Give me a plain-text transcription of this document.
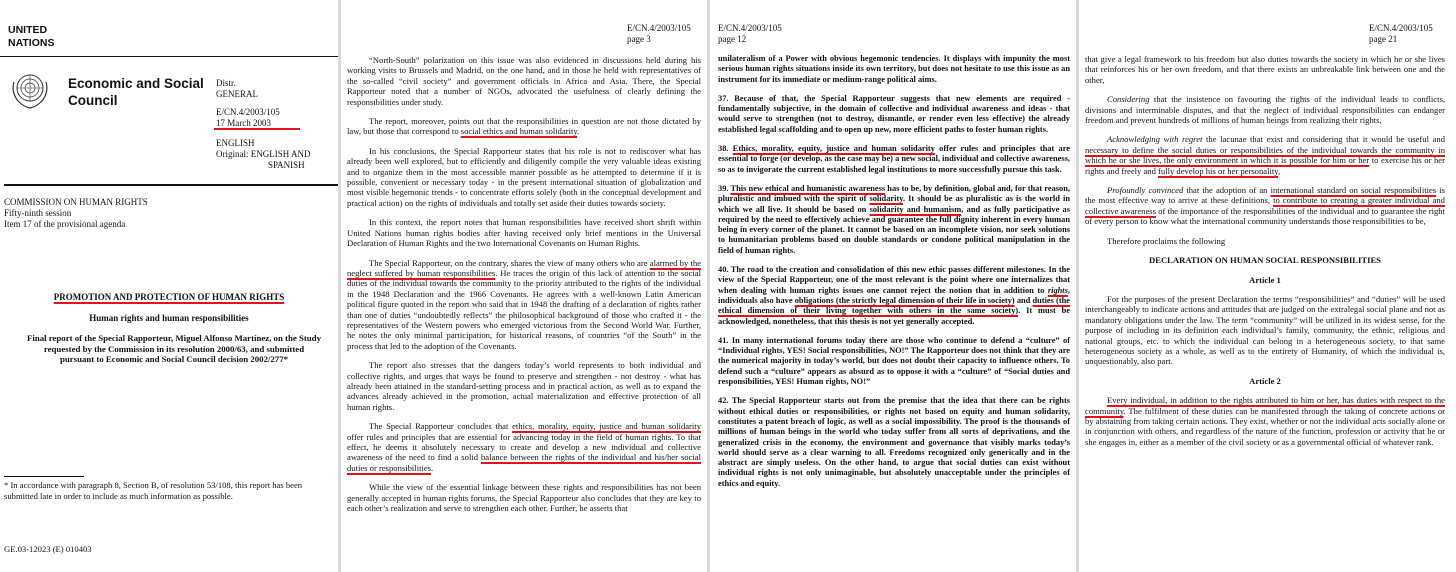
UNITED
NATIONS
Economic and Social
Council
Distr.
GENERAL
E/CN.4/2003/105
17 March 2003
ENGLISH
Original: ENGLISH AND
SPANISH
COMMISSION ON HUMAN RIGHTS
Fifty-ninth session
Item 17 of the provisional agenda
PROMOTION AND PROTECTION OF HUMAN RIGHTS
Human rights and human responsibilities
Final report of the Special Rapporteur, Miguel Alfonso Martínez, on the Study requested by the Commission in its resolution 2000/63, and submitted pursuant to Economic and Social Council decision 2002/277*
* In accordance with paragraph 8, Section B, of resolution 53/108, this report has been submitted late in order to include as much information as possible.
GE.03-12023 (E) 010403
E/CN.4/2003/105
page 3

“North-South” polarization on this issue was also evidenced in discussions held during his working visits to Brussels and Madrid, on the one hand, and in those he held with representatives of the so-called “civil society” and government officials in Africa and Asia. There, the Special Rapporteur noted that a number of NGOs, advocated the usefulness of clearly defining the responsibilities under study.

The report, moreover, points out that the responsibilities in question are not those dictated by law, but those that correspond to social ethics and human solidarity.

In his conclusions, the Special Rapporteur states that his role is not to rediscover what has already been well explored, but to efficiently and diligently compile the very valuable ideas existing and to organize them in the most accessible manner possible as he attempted to determine if it is possible, convenient or necessary today - in the present international situation of globalization and most visible hegemonic trends - to concentrate efforts solely (both in the conceptual development and practical action) on the rights of individuals and totally set aside their duties towards society.

In this context, the report notes that human responsibilities have received short shrift within United Nations human rights bodies after having received only brief mentions in the Universal Declaration of Human Rights and the two International Covenants on Human Rights.

The Special Rapporteur, on the contrary, shares the view of many others who are alarmed by the neglect suffered by human responsibilities. He traces the origin of this lack of attention to the social duties of the individual towards the community to the priority attributed to the rights of the individual in the 1948 Declaration and the 1966 Covenants. He agrees with a well-known Latin American political figure quoted in the report who said that in 1948 the drafting of a declaration of rights rather than one of duties “undoubtedly reflects” the philosophical background of those who crafted it - the representatives of the Western powers who emerged victorious from the Second World War. Further, he notes the only minimal participation, for historical reasons, of countries “of the South” in the process that led to the adoption of the Covenants.

The report also stresses that the dangers today’s world represents to both individual and collective rights, and urges that ways be found to preserve and strengthen - not destroy - what has already been attained in the standard-setting process and in practical action, as well as to expand the advances already achieved in the promotion, actual materialization and effective protection of all human rights.

The Special Rapporteur concludes that ethics, morality, equity, justice and human solidarity offer rules and principles that are essential for advancing today in the field of human rights. To that effect, he deems it absolutely necessary to create and develop a new individual and collective awareness of the need to find a solid balance between the rights of the individual and his/her social duties or responsibilities.

While the view of the essential linkage between these rights and responsibilities has not been generally accepted in human rights forums, the Special Rapporteur also concludes that they are key to each other’s realization and serve to strengthen each other. Further, he asserts that

E/CN.4/2003/105
page 12

unilateralism of a Power with obvious hegemonic tendencies. It displays with impunity the most serious human rights situations inside its own territory, but does not hesitate to use this issue as an instrument for its immediate or medium-range political aims.

37. Because of that, the Special Rapporteur suggests that new elements are required - fundamentally subjective, in the domain of collective and individual awareness and ideas - that would serve to strengthen (not to destroy, dismantle, or render even less effective) the already established legal scaffolding and to open up new, more efficient paths to foster human rights.

38. Ethics, morality, equity, justice and human solidarity offer rules and principles that are essential to forge (or develop, as the case may be) a new social, individual and collective awareness, so as to invigorate the current established legal institutions to more successfully pursue this task.

39. This new ethical and humanistic awareness has to be, by definition, global and, for that reason, pluralistic and imbued with the spirit of solidarity. It should be as pluralistic as is the world in which we all live. It should be based on solidarity and humanism, and as fully participative as required by the need to effectively achieve and guarantee the full dignity inherent in every human being in every corner of the planet. It cannot be based on an incomplete vision, nor seek solutions to humanitarian problems based on double standards or condone political manipulation in the field of human rights.

40. The road to the creation and consolidation of this new ethic passes different milestones. In the view of the Special Rapporteur, one of the most relevant is the point where one internalizes that when dealing with human rights issues one cannot reject the notion that in addition to rights, individuals also have obligations (the strictly legal dimension of their life in society) and duties (the ethical dimension of their living together with others in the same society). It must be acknowledged, nonetheless, that this thesis is not yet generally accepted.

41. In many international forums today there are those who continue to defend a “culture” of “Individual rights, YES! Social responsibilities, NO!” The Rapporteur does not think that they are the numerical majority in today’s world, but does not doubt their capacity to influence others. To defend such a “culture” appears as absurd as to oppose it with a “culture” of “Social duties and responsibilities, YES! Human rights, NO!”

42. The Special Rapporteur starts out from the premise that the idea that there can be rights without ethical duties or responsibilities, or rights not based on equity and human solidarity, constitutes a patent breach of logic, as well as a social impossibility. The proof is the thousands of millions of human beings in the world who today suffer from all sorts of deprivations, and the generalized crisis in the economy, the environment and governance that visibly marks today’s world should serve as a clear warning to all. Freedoms recognized only generically and in the abstract are simply useless. On the other hand, to argue that social duties can exist without individual rights is not only unimaginable, but absolutely unacceptable under the principles of ethics and equity.

E/CN.4/2003/105
page 21

that give a legal framework to his freedom but also duties towards the society in which he or she lives that reinforces his or her own freedom, and that there exists an unbreakable link between one and the other,

Considering that the insistence on favouring the rights of the individual leads to conflicts, divisions and interminable disputes, and that the neglect of individual responsibilities can endanger freedom and prevent hundreds of millions of human beings from realizing their rights,

Acknowledging with regret the lacunae that exist and considering that it would be useful and necessary to define the social duties or responsibilities of the individual towards the community in which he or she lives, the only environment in which it is possible for him or her to exercise his or her rights and freely and fully develop his or her personality,

Profoundly convinced that the adoption of an international standard on social responsibilities is the most effective way to arrive at these definitions, to contribute to creating a greater individual and collective awareness of the importance of the responsibilities of the individual and to guarantee the right of every person to know what the international community understands those responsibilities to be,

Therefore proclaims the following

DECLARATION ON HUMAN SOCIAL RESPONSIBILITIES

Article 1

For the purposes of the present Declaration the terms “responsibilities” and “duties” will be used interchangeably to indicate actions and attitudes that are judged on the extralegal social plane and not as mandatory obligations under the law. The term “community” will be utilized in its widest sense, for the purpose of including in its definition each individual’s family, community, the ethnic, religious and national groups, etc. to which the individual can belong in a heterogeneous society, to that same heterogeneous society as a whole, as well as to the entirety of Humanity, of which the individual is, unquestionably, also part.

Article 2

Every individual, in addition to the rights attributed to him or her, has duties with respect to the community. The fulfilment of these duties can be manifested through the taking of concrete actions or by abstaining from taking certain actions. They exist, whether or not the individual acts socially alone or in conjunction with others, and regardless of the nature of the function, profession or activity that he or she engages in, either as a member of the civil society or as a governmental official of whatever rank.
